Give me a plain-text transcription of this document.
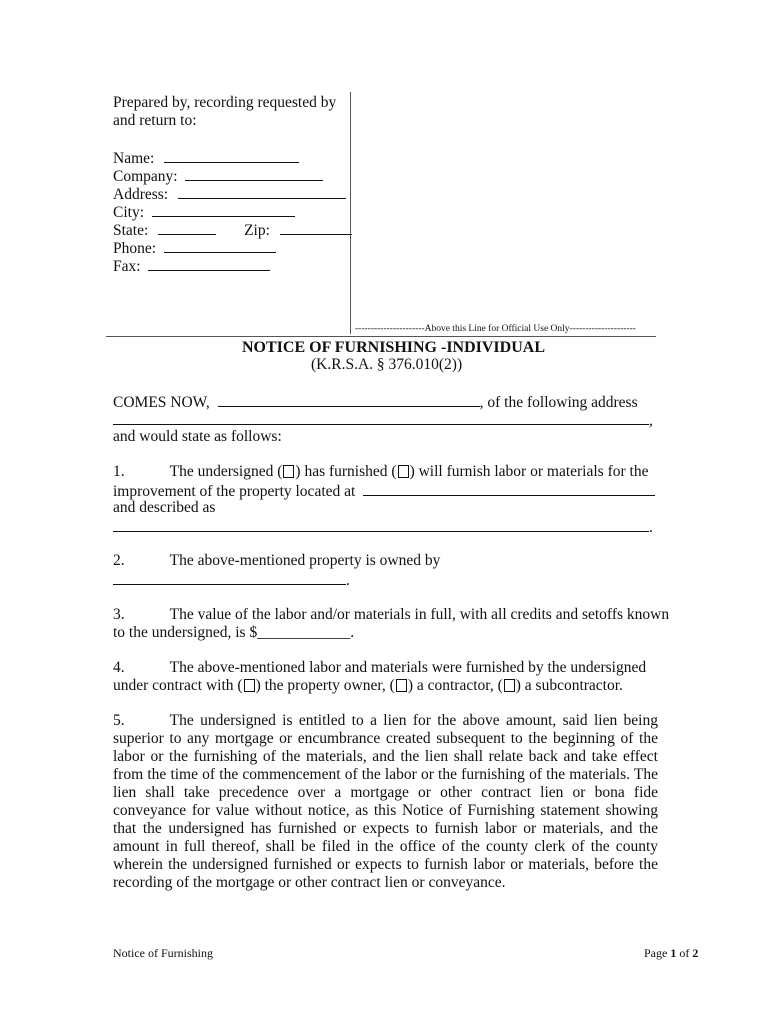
Prepared by, recording requested by
and return to:
Name:
Company:
Address:
City:
State:	Zip:
Phone:
Fax:
----------------------Above this Line for Official Use Only---------------------
NOTICE OF FURNISHING -INDIVIDUAL
(K.R.S.A. § 376.010(2))
COMES NOW,	, of the following address
,
and would state as follows:
1.	The undersigned ( ) has furnished ( ) will furnish labor or materials for the
improvement of the property located at
and described as
.
2.	The above-mentioned property is owned by
.
3.	The value of the labor and/or materials in full, with all credits and setoffs known
to the undersigned, is $____________.
4.	The above-mentioned labor and materials were furnished by the undersigned
under contract with ( ) the property owner, ( ) a contractor, ( ) a subcontractor.
5.	The undersigned is entitled to a lien for the above amount, said lien being superior to any mortgage or encumbrance created subsequent to the beginning of the labor or the furnishing of the materials, and the lien shall relate back and take effect from the time of the commencement of the labor or the furnishing of the materials. The lien shall take precedence over a mortgage or other contract lien or bona fide conveyance for value without notice, as this Notice of Furnishing statement showing that the undersigned has furnished or expects to furnish labor or materials, and the amount in full thereof, shall be filed in the office of the county clerk of the county wherein the undersigned furnished or expects to furnish labor or materials, before the recording of the mortgage or other contract lien or conveyance.
Notice of Furnishing	Page 1 of 2
